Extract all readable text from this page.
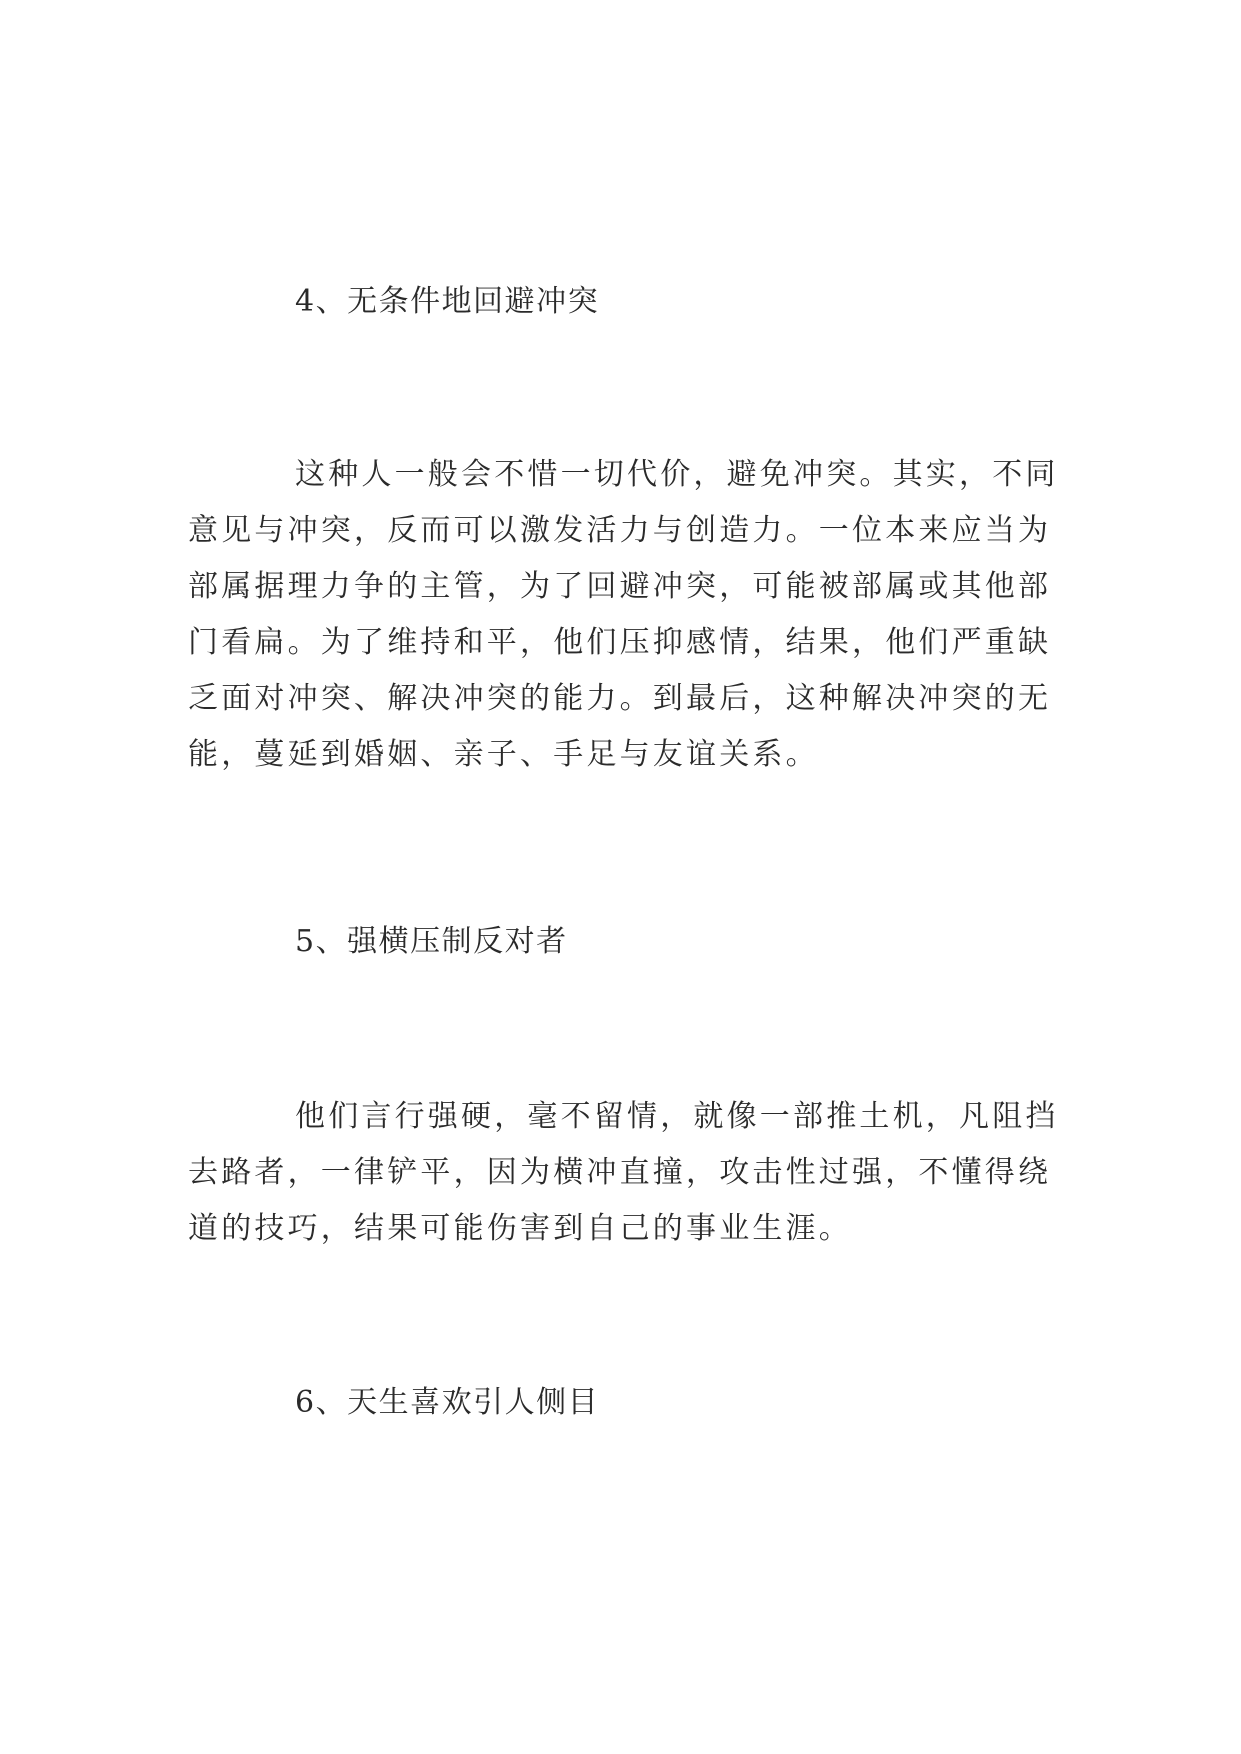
4、无条件地回避冲突
这种人一般会不惜一切代价，避免冲突。其实，不同
意见与冲突，反而可以激发活力与创造力。一位本来应当为
部属据理力争的主管，为了回避冲突，可能被部属或其他部
门看扁。为了维持和平，他们压抑感情，结果，他们严重缺
乏面对冲突、解决冲突的能力。到最后，这种解决冲突的无
能，蔓延到婚姻、亲子、手足与友谊关系。
5、强横压制反对者
他们言行强硬，毫不留情，就像一部推土机，凡阻挡
去路者，一律铲平，因为横冲直撞，攻击性过强，不懂得绕
道的技巧，结果可能伤害到自己的事业生涯。
6、天生喜欢引人侧目
